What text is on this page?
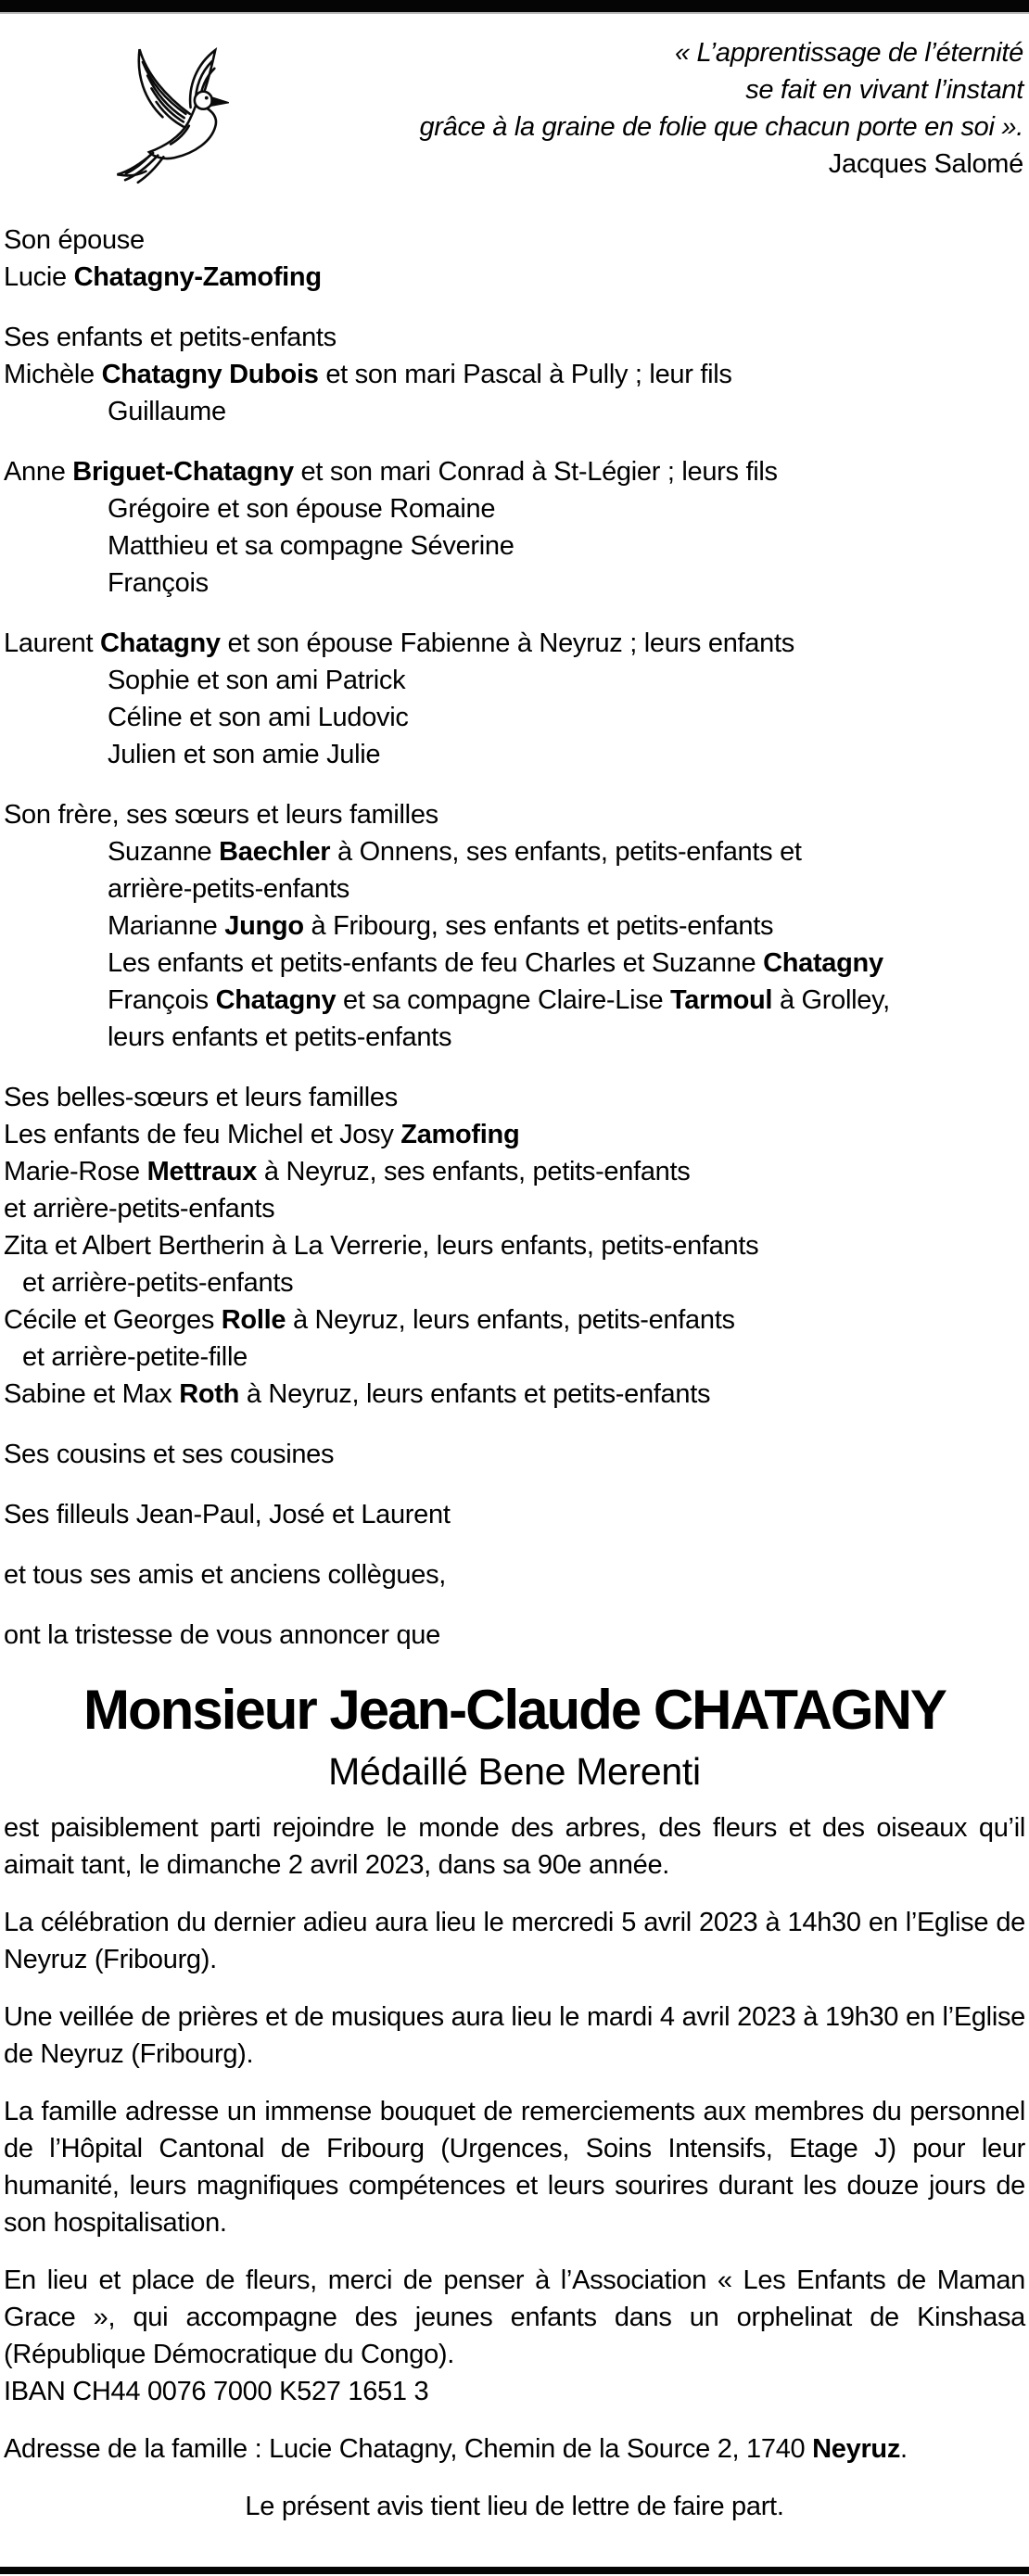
« L’apprentissage de l’éternité
se fait en vivant l’instant
grâce à la graine de folie que chacun porte en soi ».
Jacques Salomé
Son épouse
Lucie Chatagny-Zamofing
Ses enfants et petits-enfants
Michèle Chatagny Dubois et son mari Pascal à Pully ; leur fils
Guillaume
Anne Briguet-Chatagny et son mari Conrad à St-Légier ; leurs fils
Grégoire et son épouse Romaine
Matthieu et sa compagne Séverine
François
Laurent Chatagny et son épouse Fabienne à Neyruz ; leurs enfants
Sophie et son ami Patrick
Céline et son ami Ludovic
Julien et son amie Julie
Son frère, ses sœurs et leurs familles
Suzanne Baechler à Onnens, ses enfants, petits-enfants et
arrière-petits-enfants
Marianne Jungo à Fribourg, ses enfants et petits-enfants
Les enfants et petits-enfants de feu Charles et Suzanne Chatagny
François Chatagny et sa compagne Claire-Lise Tarmoul à Grolley,
leurs enfants et petits-enfants
Ses belles-sœurs et leurs familles
Les enfants de feu Michel et Josy Zamofing
Marie-Rose Mettraux à Neyruz, ses enfants, petits-enfants
et arrière-petits-enfants
Zita et Albert Bertherin à La Verrerie, leurs enfants, petits-enfants
et arrière-petits-enfants
Cécile et Georges Rolle à Neyruz, leurs enfants, petits-enfants
et arrière-petite-fille
Sabine et Max Roth à Neyruz, leurs enfants et petits-enfants
Ses cousins et ses cousines
Ses filleuls Jean-Paul, José et Laurent
et tous ses amis et anciens collègues,
ont la tristesse de vous annoncer que
Monsieur Jean-Claude CHATAGNY
Médaillé Bene Merenti
est paisiblement parti rejoindre le monde des arbres, des fleurs et des oiseaux qu’il aimait tant, le dimanche 2 avril 2023, dans sa 90e année.
La célébration du dernier adieu aura lieu le mercredi 5 avril 2023 à 14h30 en l’Eglise de Neyruz (Fribourg).
Une veillée de prières et de musiques aura lieu le mardi 4 avril 2023 à 19h30 en l’Eglise de Neyruz (Fribourg).
La famille adresse un immense bouquet de remerciements aux membres du personnel de l’Hôpital Cantonal de Fribourg (Urgences, Soins Intensifs, Etage J) pour leur humanité, leurs magnifiques compétences et leurs sourires durant les douze jours de son hospitalisation.
En lieu et place de fleurs, merci de penser à l’Association « Les Enfants de Maman Grace », qui accompagne des jeunes enfants dans un orphelinat de Kinshasa (République Démocratique du Congo).
IBAN CH44 0076 7000 K527 1651 3
Adresse de la famille : Lucie Chatagny, Chemin de la Source 2, 1740 Neyruz.
Le présent avis tient lieu de lettre de faire part.
